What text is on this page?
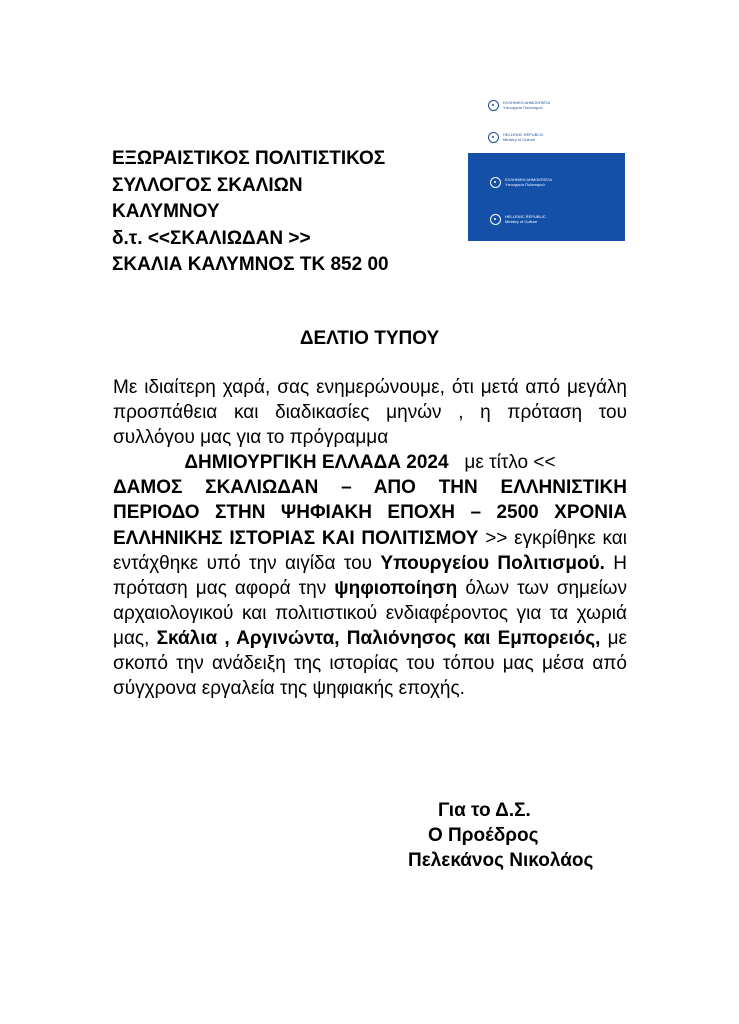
ΕΞΩΡΑΙΣΤΙΚΟΣ ΠΟΛΙΤΙΣΤΙΚΟΣ
ΣΥΛΛΟΓΟΣ ΣΚΑΛΙΩΝ
ΚΑΛΥΜΝΟΥ
δ.τ. <<ΣΚΑΛΙΩΔΑΝ >>
ΣΚΑΛΙΑ ΚΑΛΥΜΝΟΣ ΤΚ 852 00
ΕΛΛΗΝΙΚΗ ΔΗΜΟΚΡΑΤΙΑ
Υπουργείο Πολιτισμού
HELLENIC REPUBLIC
Ministry of Culture
ΕΛΛΗΝΙΚΗ ΔΗΜΟΚΡΑΤΙΑ
Υπουργείο Πολιτισμού
HELLENIC REPUBLIC
Ministry of Culture
ΔΕΛΤΙΟ ΤΥΠΟΥ
Με ιδιαίτερη χαρά, σας ενημερώνουμε, ότι μετά από μεγάλη προσπάθεια και διαδικασίες μηνών , η πρόταση του συλλόγου μας για το πρόγραμμα
ΔΗΜΙΟΥΡΓΙΚΗ ΕΛΛΑΔΑ 2024 με τίτλο <<
ΔΑΜΟΣ ΣΚΑΛΙΩΔΑΝ – ΑΠΟ ΤΗΝ ΕΛΛΗΝΙΣΤΙΚΗ ΠΕΡΙΟΔΟ ΣΤΗΝ ΨΗΦΙΑΚΗ ΕΠΟΧΗ – 2500 ΧΡΟΝΙΑ ΕΛΛΗΝΙΚΗΣ ΙΣΤΟΡΙΑΣ ΚΑΙ ΠΟΛΙΤΙΣΜΟΥ >> εγκρίθηκε και εντάχθηκε υπό την αιγίδα του Υπουργείου Πολιτισμού. Η πρόταση μας αφορά την ψηφιοποίηση όλων των σημείων αρχαιολογικού και πολιτιστικού ενδιαφέροντος για τα χωριά μας, Σκάλια , Αργινώντα, Παλιόνησος και Εμπορειός, με σκοπό την ανάδειξη της ιστορίας του τόπου μας μέσα από σύγχρονα εργαλεία της ψηφιακής εποχής.
Για το Δ.Σ.
Ο Προέδρος
Πελεκάνος Νικολάος
